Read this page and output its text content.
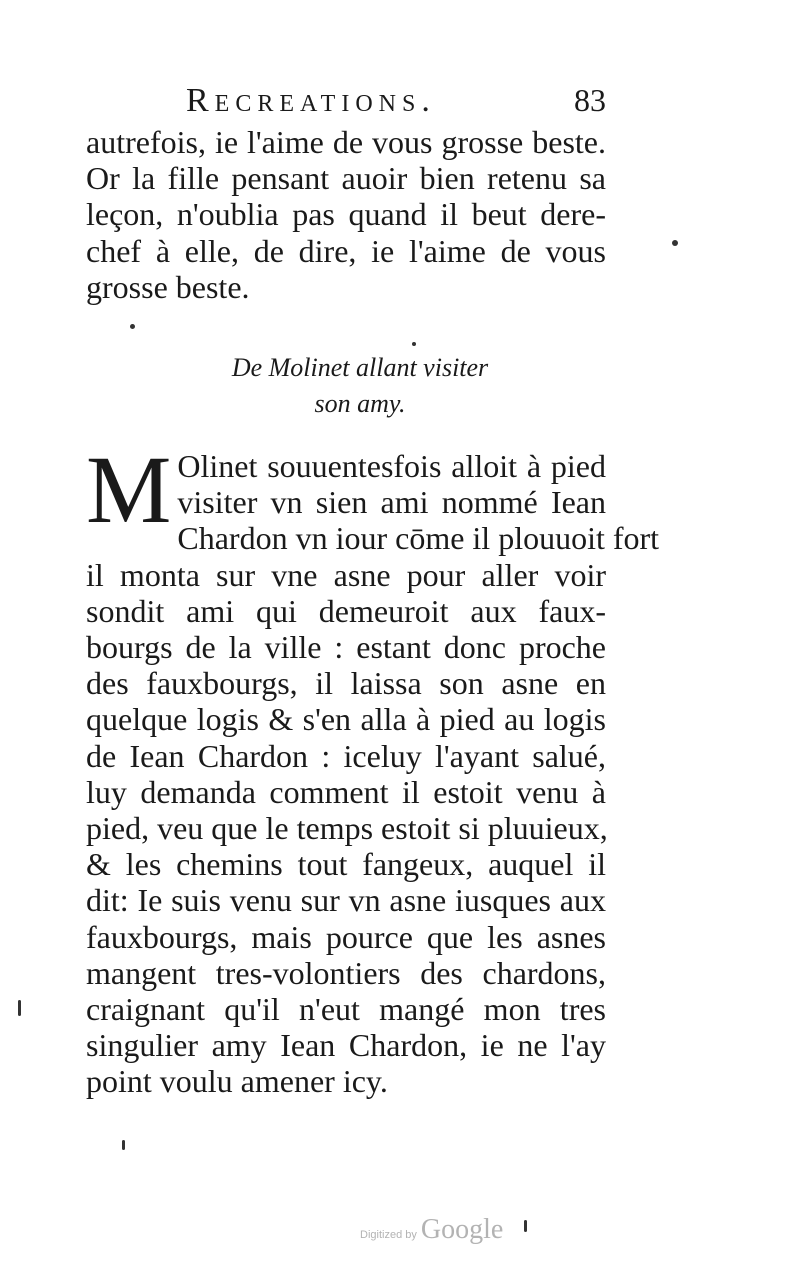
Recreations.	83
autrefois, ie l'aime de vous grosse beste.
Or la fille pensant auoir bien retenu sa
leçon, n'oublia pas quand il beut dere-
chef à elle, de dire, ie l'aime de vous
grosse beste.
De Molinet allant visiter
son amy.
M Olinet souuentesfois alloit à pied
visiter vn sien ami nommé Iean
Chardon vn iour cōme il plouuoit fort
il monta sur vne asne pour aller voir
sondit ami qui demeuroit aux faux-
bourgs de la ville : estant donc proche
des fauxbourgs, il laissa son asne en
quelque logis & s'en alla à pied au logis
de Iean Chardon : iceluy l'ayant salué,
luy demanda comment il estoit venu à
pied, veu que le temps estoit si pluuieux,
& les chemins tout fangeux, auquel il
dit: Ie suis venu sur vn asne iusques aux
fauxbourgs, mais pource que les asnes
mangent tres-volontiers des chardons,
craignant qu'il n'eut mangé mon tres
singulier amy Iean Chardon, ie ne l'ay
point voulu amener icy.
Digitized by Google
